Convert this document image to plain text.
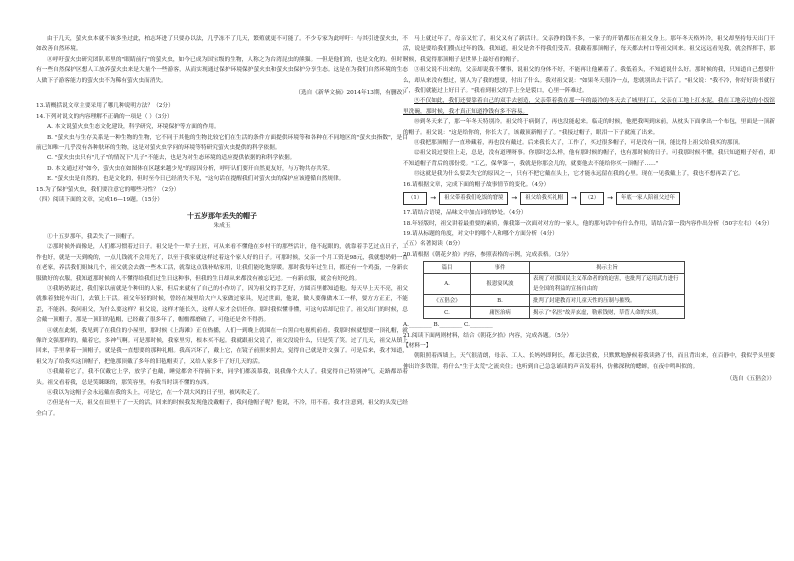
由于几天，萤火虫本就不该多坐过此，柏志坏进了只要办以法，几乎冻不了几天，繁殖就更不可能了。不少专家为此呼吁：与其引进萤火虫，不如改善自然环境。

⑧呼吁萤火虫研究团队邓里的"眼睛前行"的萤火虫，如今已成为国宝级的生物，人称之为台湾昆虫的熊猫。一但是他们的，也是文化的。但时下有一些自然保护区想人工放养萤火虫来是大量个一些游客，从而实现通过保护环境保护萤火虫和萤火虫保护分享生态。这是在为我们自然环境的生态人做下子游客能力的萤火虫不为稀有萤火虫而消失。

（选自《新华文摘》2014年13期，有删改）

13.请概括说文章主要采用了哪几种说明方法？（2分）

14.下列对说文的内容理解不正确的一项是（ ）（3分）

A. 本文说萤火虫生态文化建设，科学研究，环境保护等方面的作用。

B. "萤火虫与生存关系是一种生物的生物，它不同于其他的生物比较它们在生活的条件方面提供环境等和各种在不同地区的"萤火虫指数"，是目前已知唯一几乎没有各种肤环的生物，这是对萤火虫学问的环境等特研究萤火虫提供的科学依据。

C. "萤火虫虫只有"儿子"的情况下"儿子"不能去，也是为对生态环境的适应提供依据的和科学依据。

D. 本文通过对"如今，萤火虫在如图体在区越来越少见"的原因分析，呼吁认们要开自然更友好，与万物共存共荣。

E. "萤火虫是自然的，也是文化的，但时至今日已经消失不见，"这句话在提醒我们对萤火虫的保护应该遵循自然规律。

15.为了保护萤火虫，我们要注意它的哪些习性？（2分）

（四）阅读下面的文章，完成16—19题。（15分）

十五岁那年丢失的帽子

朱成玉

①十五岁那年，我丢失了一顶帽子。

②那时候外面像是，人们都习惯着过日子。祖父是个一辈子土匠，可从来看不懂他在乡村干的那些活计，他不起眼的，就靠着手艺过点日子，工作也好，就是一天到晚的，一点儿钱就不会用光了，以至于我家就这样过着这个家人好的日子。可那时候，父亲一个月工资是98元，我就想奶奶一直在老家，养活我们姐妹几个，祖父就会去做一些木工活，就靠这点钱补贴家用，让我们能吃饱穿暖。那时我每年过生日，都还有一个鸡蛋，一身新衣服做好的衣服，我知道那时候的人不懂得给我们过生日这种事，但我的生日却从来都没有被忘记过。一有新衣服，就会有好吃的。

③我奶奶说过，我们家以前就是个种田的人家，但后来就有了自己的小作坊了，因为祖父的手艺好，方圆百里都知道他。每天早上天不亮，祖父就推着独轮车出门，去镇上干活。祖父年轻的时候，曾经在城里给大户人家做过家具，见过世面，他说，做人要像做木工一样，要方方正正，不能歪，不能斜。我问祖父，为什么要这样？祖父说，这样才能长久，这样人家才会信任你。那时我似懂非懂，可这句话却记住了。祖父出门的时候，总会戴一顶帽子，那是一顶旧的毡帽，已经戴了很多年了，帽檐都磨破了，可他还是舍不得扔。

④就在此刻，我见到了在我住的小屋里，那时候《上海滩》正在热播，人们一到晚上就围在一台黑白电视机前看。我那时候就想要一顶礼帽，就像许文强那样的，戴着它，多神气啊。可是那时候，我家里穷，根本买不起。我就跟祖父说了，祖父没说什么，只是笑了笑。过了几天，祖父从镇上回来，手里拿着一顶帽子，就是我一直想要的那种礼帽。我高兴坏了，戴上它，在镜子前照来照去，觉得自己就是许文强了。可是后来，我才知道，祖父为了给我买这顶帽子，把他那顶戴了多年的旧毡帽卖了，又给人家多干了好几天的活。

⑤我戴着它了，我不仅戴它上学，放学了也戴，睡觉都舍不得摘下来，同学们都羡慕我，说我像个大人了。我觉得自己特别神气，走路都昂着头。祖父看着我，总是笑眯眯的，那笑容里，有我当时读不懂的东西。

⑥我以为这帽子会永远戴在我的头上，可是它，在一个刮大风的日子里，被风吹走了。

⑦但是有一天，祖父在田里干了一天的活，回来的时候我发现他没戴帽子，我问他帽子呢？他说，不冷，用不着。我才注意到，祖父的头发已经全白了。

马上就过年了，母亲又忙了，祖父又有了新活计。父亲挣的钱不多，一家子的开销都压在祖父身上。那年冬天格外冷，祖父却坚持每天出门干活，说是要给我们攒点过年的钱。我知道，祖父是舍不得我们受苦。我戴着那顶帽子，每天都去村口等祖父回来。祖父远远看见我，就会挥挥手，那时候，我觉得那顶帽子是世界上最好看的帽子。

③祖父说不出来的，父亲却说我不懂事，说祖父的身体不好，不能再让他累着了。我低着头，不知道说什么好。那时候的我，只知道自己想要什么，却从来没有想过，别人为了我的想要，付出了什么。我对祖父说："如果冬天很冷一点，您就别出去干活了。"祖父说："我不冷，你好好读书就行了，我们就能过上好日子。"我看到祖父的手上全是裂口，心里一阵难过。

⑨不仅如此，我们还要靠着自己的双手去创造，父亲带着我在那一年的最冷的冬天去了城里打工，父亲在工地上扛水泥，我在工地旁边的小饭馆里洗碗，那时候，我才真正知道挣钱有多不容易。

⑩到冬天来了，那一年冬天特别冷。祖父终于病倒了，再也没能起来。临走的时候，他把我叫到床前，从枕头下面拿出一个布包，里面是一顶新的帽子。祖父说："这是给你的，你长大了，该戴顶新帽子了。"我接过帽子，眼泪一下子就流了出来。

⑪我把那顶帽子一直珍藏着，再也没有戴过。后来我长大了，工作了，买过很多帽子，可是没有一顶，能比得上祖父给我买的那顶。

⑫祖父说过要往上走，总是，没有道理呀事。你那时怎么样，他有那时候的帽子，也有那时候的日子。可我那时候不懂，我只知道帽子好看，却不知道帽子背后的那份爱。"工乙，保华第一，我就是你那会儿的，就要他去不能给你买一顶帽子……"

⑬这就是我为什么要丢失它的原因之一，只有不把它戴在头上，它才能永远留在我的心里。现在一见我戴上了，我也不想再丢了它。

16.请根据文章，完成下面的帽子故事情节的变化。（4分）

（1）	→	祖父带着我们吃饭的窘境	→	祖父给我买礼帽	→	（2）	→	年底一家人陪祖父过年

17.请结合语境，品味文中加点词的妙处。（4分）

18.年轻版时，祖父讲着最重要的素质，像我第一次面对对方的一家人，他的那句话中有什么作用，请结合第一段内容作出分析（50字左右）（4分）

19.请从标题的角度，对文中的哪个人和哪个方面分析（4分）

（五）名著阅读（8分）

20.请根据《朝花夕拾》内容，参照表格的示例，完成表格。（3分）

篇目	事件	揭示主旨
A.	报恩宴风波	表现了对那国民主义革命者的的迫害，也批判了运用武力进行是全国的利益的宣扬自由的
《五猖会》	B.	批判了封建教育对儿童天性的压制与摧残。
C.	庸医治病	揭示了"名医"故弄玄虚，勒索钱财，草菅人命的实质。

A.________ B.________ C.________

21.阅读下面两则材料，结合《朝花夕拾》内容，完成各题。（5分）

【材料一】

朝阳照着西墙上，天气很清朗，母亲、工人、长妈妈即阿长，都无法营救，只默默地静候着我读熟了书，而且背出来，在百静中，我似乎头里要伸出许多铁钳，将什么"生于太荒"之流夹住；也听到自己急急诵读的声音发着抖，仿佛深秋的蟋蟀，在夜中鸣叫似的。

（选自《五猖会》）
